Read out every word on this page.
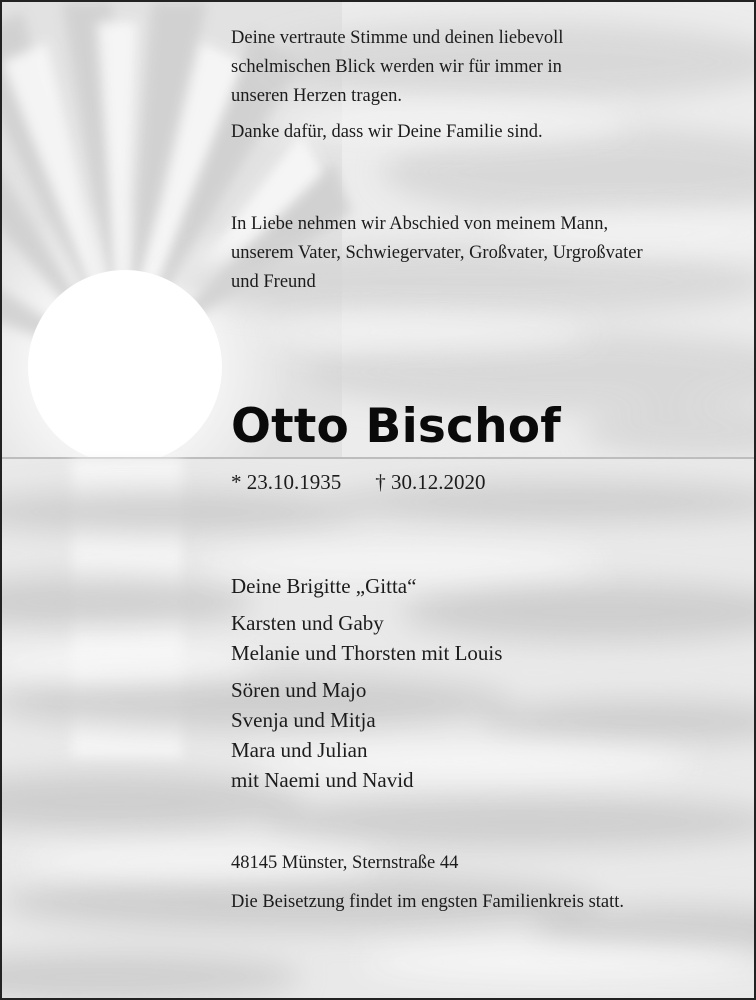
Deine vertraute Stimme und deinen liebevoll
schelmischen Blick werden wir für immer in
unseren Herzen tragen.

Danke dafür, dass wir Deine Familie sind.

In Liebe nehmen wir Abschied von meinem Mann,
unserem Vater, Schwiegervater, Großvater, Urgroßvater
und Freund

Otto Bischof

* 23.10.1935 † 30.12.2020

Deine Brigitte „Gitta“

Karsten und Gaby
Melanie und Thorsten mit Louis

Sören und Majo
Svenja und Mitja
Mara und Julian
mit Naemi und Navid

48145 Münster, Sternstraße 44

Die Beisetzung findet im engsten Familienkreis statt.
